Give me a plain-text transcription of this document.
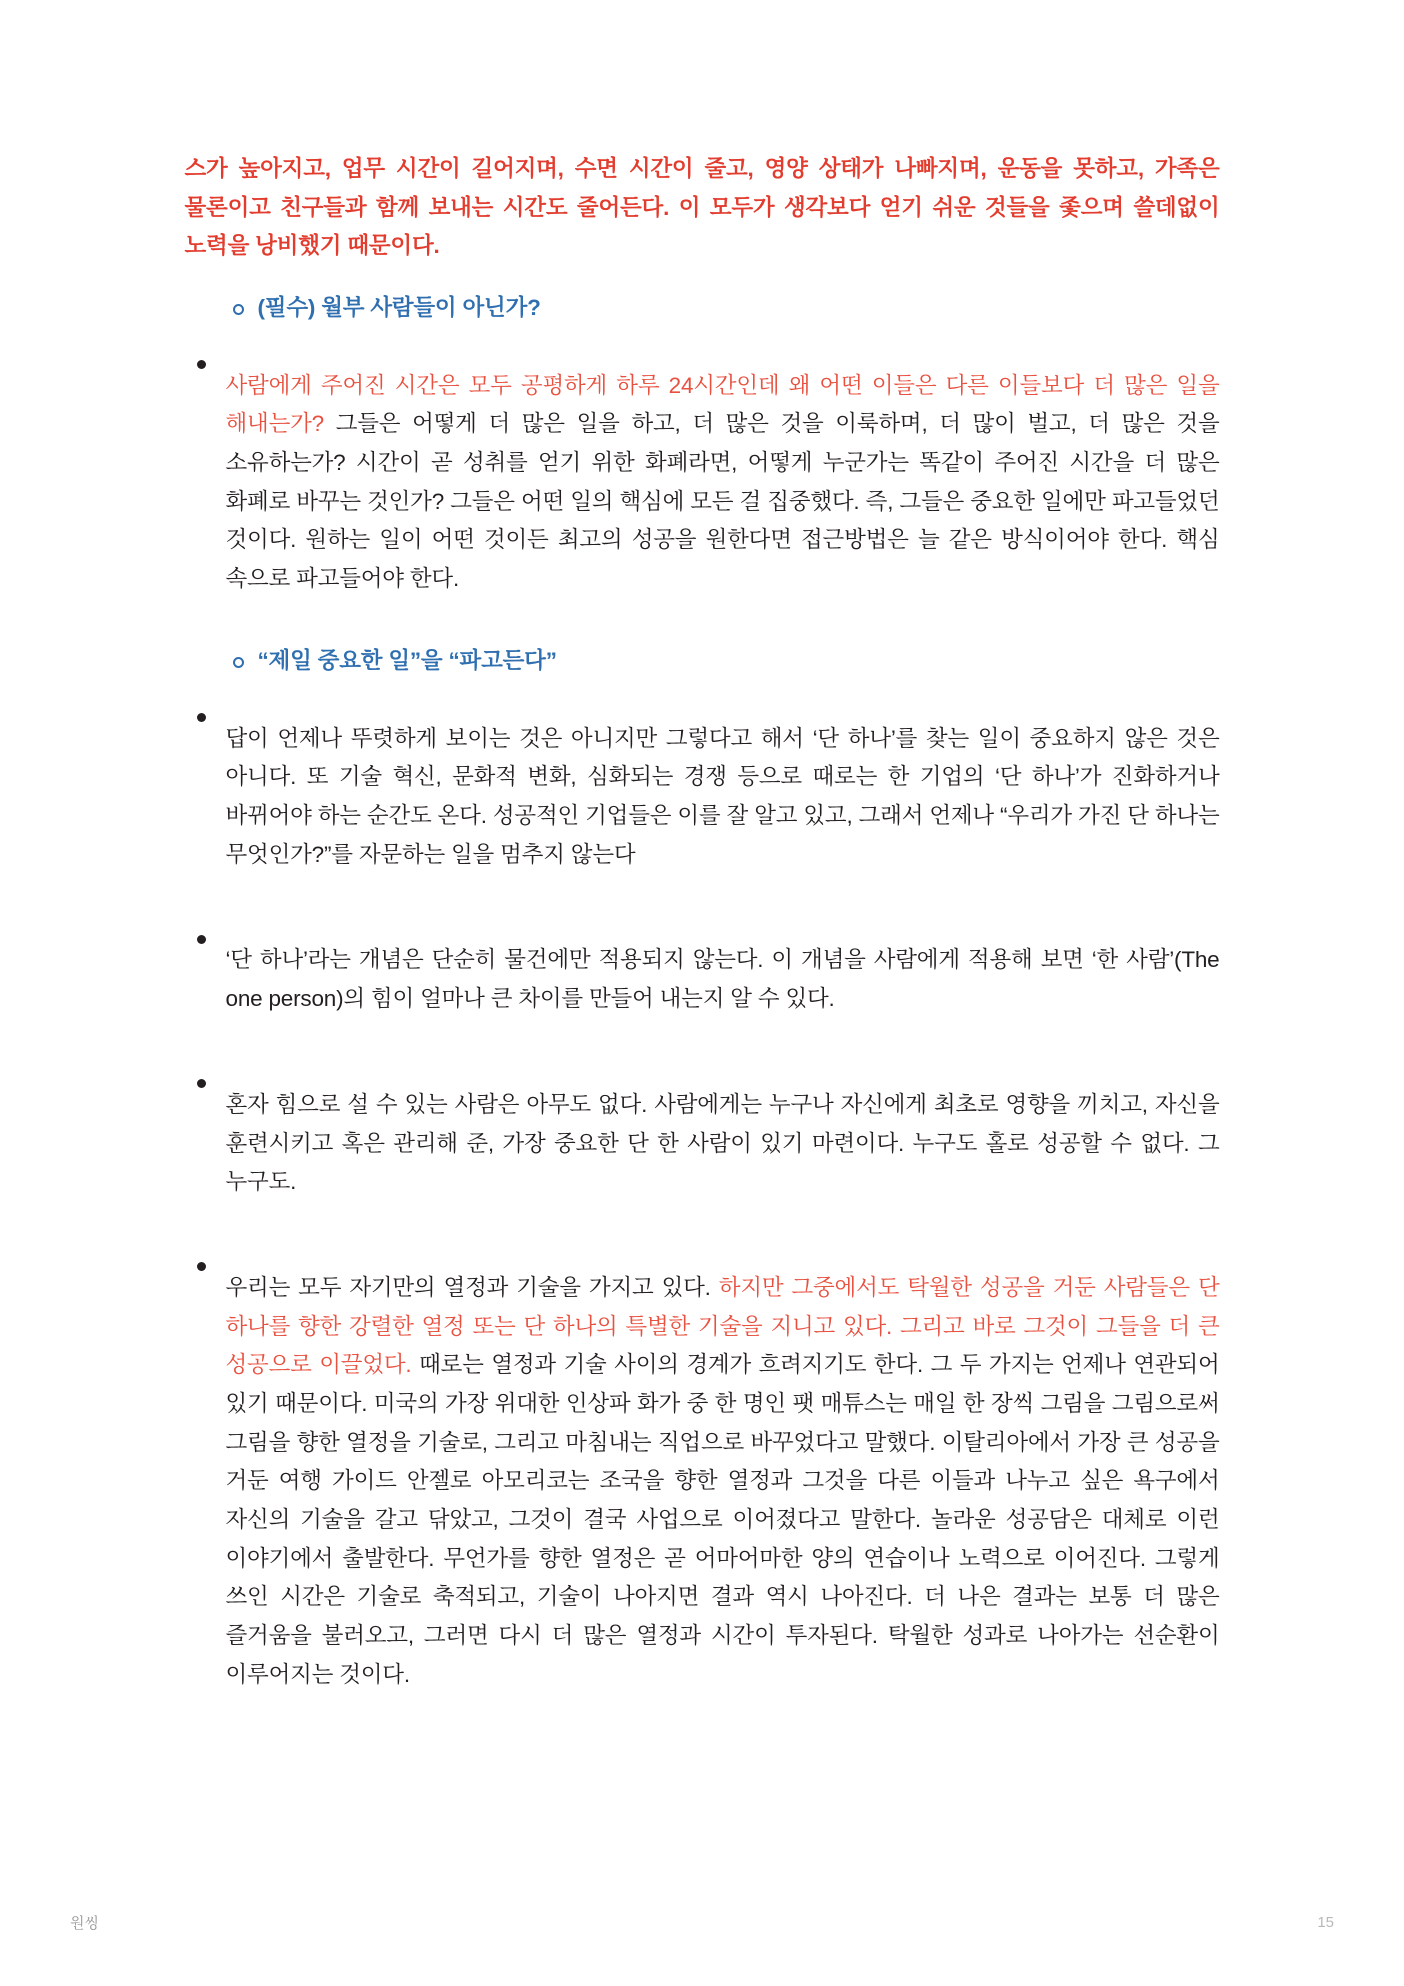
스가 높아지고, 업무 시간이 길어지며, 수면 시간이 줄고, 영양 상태가 나빠지며, 운동을 못하고, 가족은 물론이고 친구들과 함께 보내는 시간도 줄어든다. 이 모두가 생각보다 얻기 쉬운 것들을 좇으며 쓸데없이 노력을 낭비했기 때문이다.

(필수) 월부 사람들이 아닌가?

사람에게 주어진 시간은 모두 공평하게 하루 24시간인데 왜 어떤 이들은 다른 이들보다 더 많은 일을 해내는가? 그들은 어떻게 더 많은 일을 하고, 더 많은 것을 이룩하며, 더 많이 벌고, 더 많은 것을 소유하는가? 시간이 곧 성취를 얻기 위한 화폐라면, 어떻게 누군가는 똑같이 주어진 시간을 더 많은 화폐로 바꾸는 것인가? 그들은 어떤 일의 핵심에 모든 걸 집중했다. 즉, 그들은 중요한 일에만 파고들었던 것이다. 원하는 일이 어떤 것이든 최고의 성공을 원한다면 접근방법은 늘 같은 방식이어야 한다. 핵심 속으로 파고들어야 한다.

“제일 중요한 일”을 “파고든다”

답이 언제나 뚜렷하게 보이는 것은 아니지만 그렇다고 해서 ‘단 하나’를 찾는 일이 중요하지 않은 것은 아니다. 또 기술 혁신, 문화적 변화, 심화되는 경쟁 등으로 때로는 한 기업의 ‘단 하나’가 진화하거나 바뀌어야 하는 순간도 온다. 성공적인 기업들은 이를 잘 알고 있고, 그래서 언제나 “우리가 가진 단 하나는 무엇인가?”를 자문하는 일을 멈추지 않는다

‘단 하나’라는 개념은 단순히 물건에만 적용되지 않는다. 이 개념을 사람에게 적용해 보면 ‘한 사람’(The one person)의 힘이 얼마나 큰 차이를 만들어 내는지 알 수 있다.

혼자 힘으로 설 수 있는 사람은 아무도 없다. 사람에게는 누구나 자신에게 최초로 영향을 끼치고, 자신을 훈련시키고 혹은 관리해 준, 가장 중요한 단 한 사람이 있기 마련이다. 누구도 홀로 성공할 수 없다. 그 누구도.

우리는 모두 자기만의 열정과 기술을 가지고 있다. 하지만 그중에서도 탁월한 성공을 거둔 사람들은 단 하나를 향한 강렬한 열정 또는 단 하나의 특별한 기술을 지니고 있다. 그리고 바로 그것이 그들을 더 큰 성공으로 이끌었다. 때로는 열정과 기술 사이의 경계가 흐려지기도 한다. 그 두 가지는 언제나 연관되어 있기 때문이다. 미국의 가장 위대한 인상파 화가 중 한 명인 팻 매튜스는 매일 한 장씩 그림을 그림으로써 그림을 향한 열정을 기술로, 그리고 마침내는 직업으로 바꾸었다고 말했다. 이탈리아에서 가장 큰 성공을 거둔 여행 가이드 안젤로 아모리코는 조국을 향한 열정과 그것을 다른 이들과 나누고 싶은 욕구에서 자신의 기술을 갈고 닦았고, 그것이 결국 사업으로 이어졌다고 말한다. 놀라운 성공담은 대체로 이런 이야기에서 출발한다. 무언가를 향한 열정은 곧 어마어마한 양의 연습이나 노력으로 이어진다. 그렇게 쓰인 시간은 기술로 축적되고, 기술이 나아지면 결과 역시 나아진다. 더 나은 결과는 보통 더 많은 즐거움을 불러오고, 그러면 다시 더 많은 열정과 시간이 투자된다. 탁월한 성과로 나아가는 선순환이 이루어지는 것이다.

원씽	15
